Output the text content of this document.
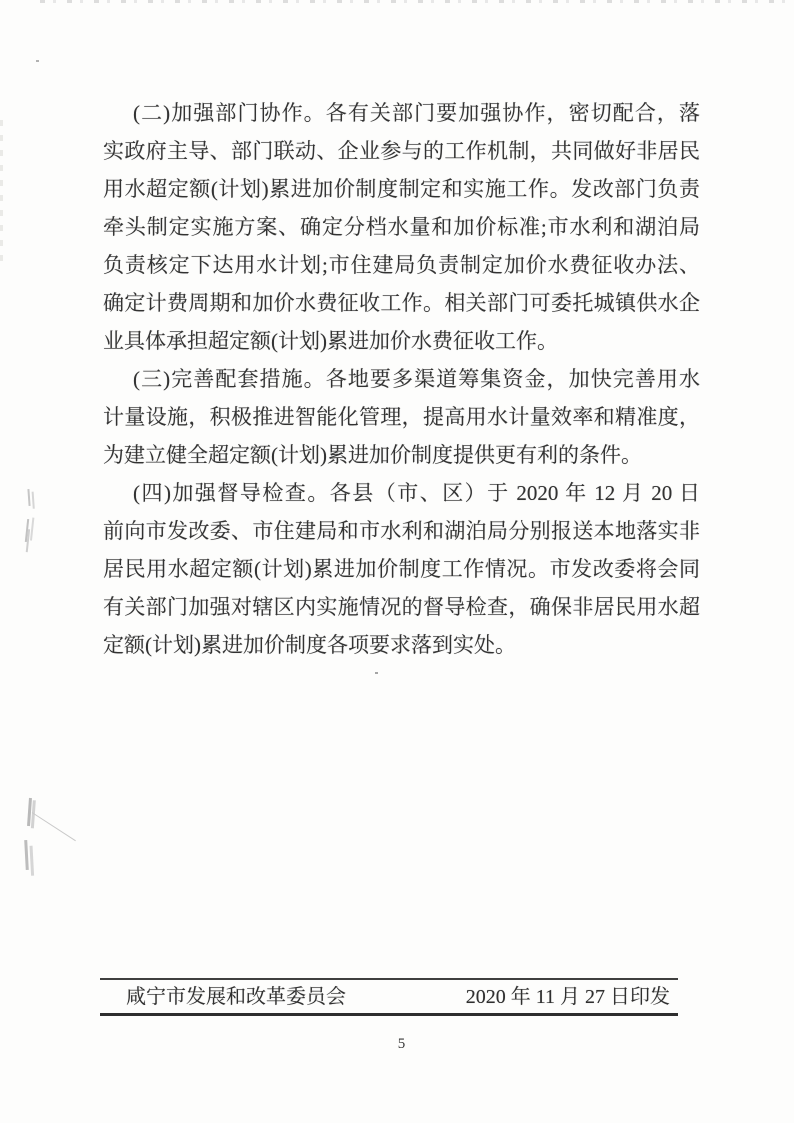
(二)加强部门协作。各有关部门要加强协作，密切配合，落
实政府主导、部门联动、企业参与的工作机制，共同做好非居民
用水超定额(计划)累进加价制度制定和实施工作。发改部门负责
牵头制定实施方案、确定分档水量和加价标准;市水利和湖泊局
负责核定下达用水计划;市住建局负责制定加价水费征收办法、
确定计费周期和加价水费征收工作。相关部门可委托城镇供水企
业具体承担超定额(计划)累进加价水费征收工作。
(三)完善配套措施。各地要多渠道筹集资金，加快完善用水
计量设施，积极推进智能化管理，提高用水计量效率和精准度，
为建立健全超定额(计划)累进加价制度提供更有利的条件。
(四)加强督导检查。各县（市、区）于 2020 年 12 月 20 日
前向市发改委、市住建局和市水利和湖泊局分别报送本地落实非
居民用水超定额(计划)累进加价制度工作情况。市发改委将会同
有关部门加强对辖区内实施情况的督导检查，确保非居民用水超
定额(计划)累进加价制度各项要求落到实处。
咸宁市发展和改革委员会	2020 年 11 月 27 日印发
5
